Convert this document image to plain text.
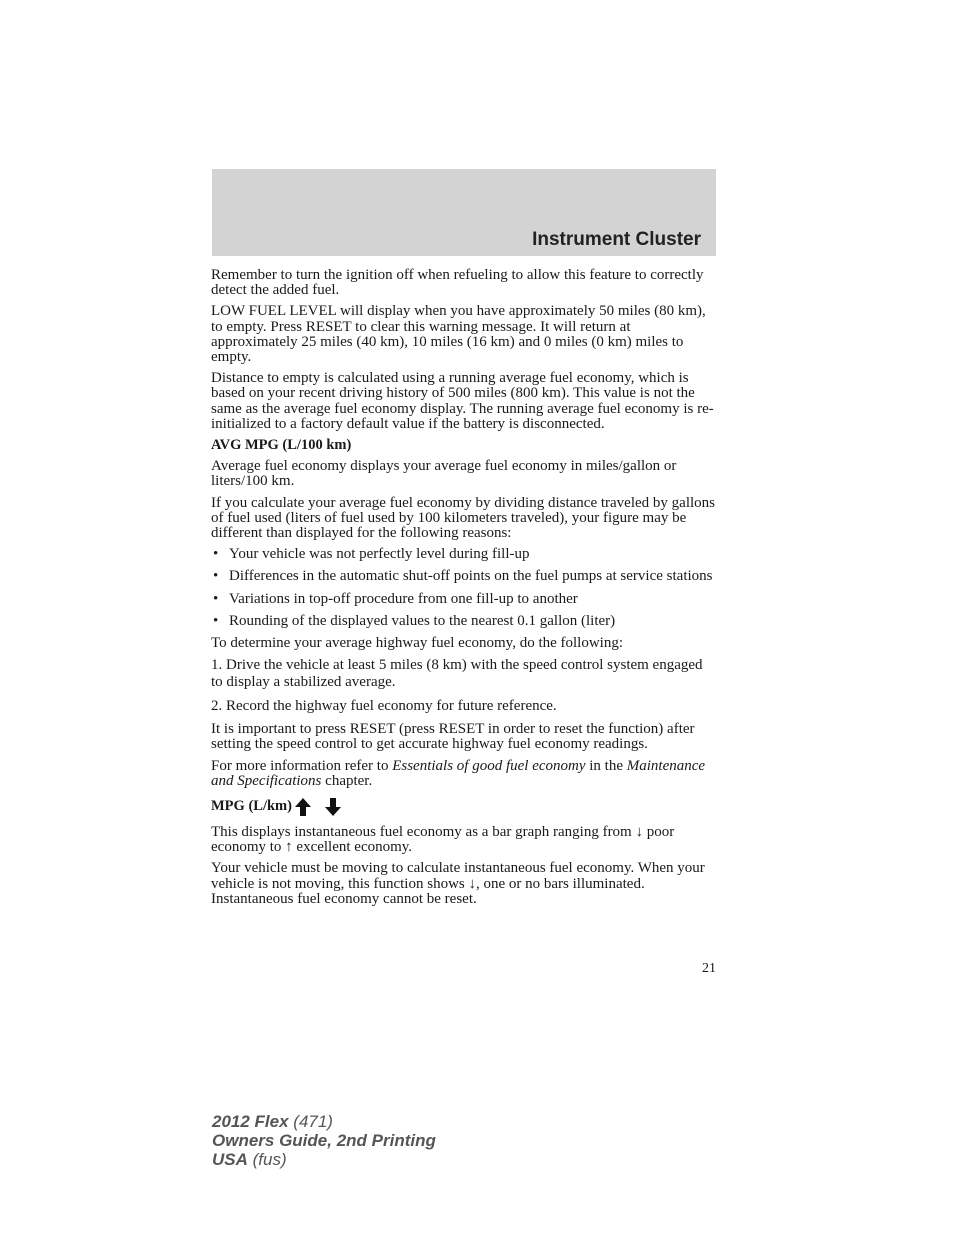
Instrument Cluster

Remember to turn the ignition off when refueling to allow this feature to correctly detect the added fuel.

LOW FUEL LEVEL will display when you have approximately 50 miles (80 km), to empty. Press RESET to clear this warning message. It will return at approximately 25 miles (40 km), 10 miles (16 km) and 0 miles (0 km) miles to empty.

Distance to empty is calculated using a running average fuel economy, which is based on your recent driving history of 500 miles (800 km). This value is not the same as the average fuel economy display. The running average fuel economy is re-initialized to a factory default value if the battery is disconnected.

AVG MPG (L/100 km)

Average fuel economy displays your average fuel economy in miles/gallon or liters/100 km.

If you calculate your average fuel economy by dividing distance traveled by gallons of fuel used (liters of fuel used by 100 kilometers traveled), your figure may be different than displayed for the following reasons:

• Your vehicle was not perfectly level during fill-up
• Differences in the automatic shut-off points on the fuel pumps at service stations
• Variations in top-off procedure from one fill-up to another
• Rounding of the displayed values to the nearest 0.1 gallon (liter)

To determine your average highway fuel economy, do the following:

1. Drive the vehicle at least 5 miles (8 km) with the speed control system engaged to display a stabilized average.

2. Record the highway fuel economy for future reference.

It is important to press RESET (press RESET in order to reset the function) after setting the speed control to get accurate highway fuel economy readings.

For more information refer to Essentials of good fuel economy in the Maintenance and Specifications chapter.

MPG (L/km)

This displays instantaneous fuel economy as a bar graph ranging from ↓ poor economy to ↑ excellent economy.

Your vehicle must be moving to calculate instantaneous fuel economy. When your vehicle is not moving, this function shows ↓, one or no bars illuminated. Instantaneous fuel economy cannot be reset.

21
2012 Flex (471)
Owners Guide, 2nd Printing
USA (fus)
